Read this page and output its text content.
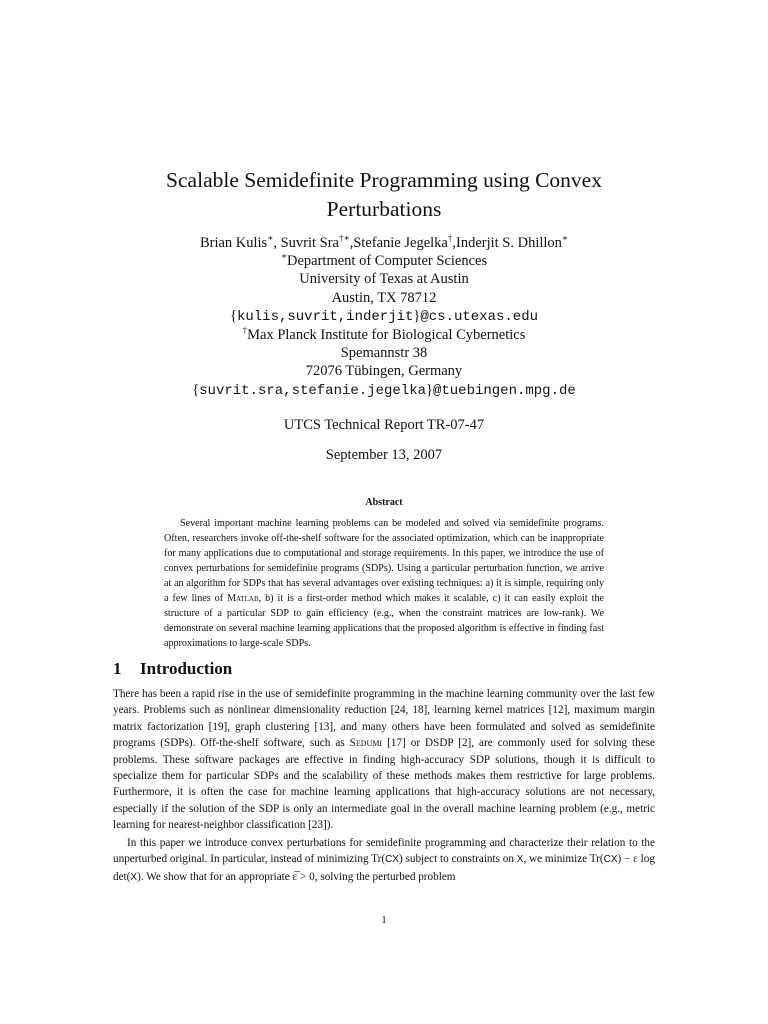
Scalable Semidefinite Programming using Convex
Perturbations
Brian Kulis∗, Suvrit Sra†∗,Stefanie Jegelka†,Inderjit S. Dhillon∗
∗Department of Computer Sciences
University of Texas at Austin
Austin, TX 78712
{kulis,suvrit,inderjit}@cs.utexas.edu
†Max Planck Institute for Biological Cybernetics
Spemannstr 38
72076 Tübingen, Germany
{suvrit.sra,stefanie.jegelka}@tuebingen.mpg.de
UTCS Technical Report TR-07-47
September 13, 2007
Abstract

Several important machine learning problems can be modeled and solved via semidefinite programs. Often, researchers invoke off-the-shelf software for the associated optimization, which can be inappropriate for many applications due to computational and storage requirements. In this paper, we introduce the use of convex perturbations for semidefinite programs (SDPs). Using a particular perturbation function, we arrive at an algorithm for SDPs that has several advantages over existing techniques: a) it is simple, requiring only a few lines of Matlab, b) it is a first-order method which makes it scalable, c) it can easily exploit the structure of a particular SDP to gain efficiency (e.g., when the constraint matrices are low-rank). We demonstrate on several machine learning applications that the proposed algorithm is effective in finding fast approximations to large-scale SDPs.

1 Introduction

There has been a rapid rise in the use of semidefinite programming in the machine learning community over the last few years. Problems such as nonlinear dimensionality reduction [24, 18], learning kernel matrices [12], maximum margin matrix factorization [19], graph clustering [13], and many others have been formulated and solved as semidefinite programs (SDPs). Off-the-shelf software, such as Sedumi [17] or DSDP [2], are commonly used for solving these problems. These software packages are effective in finding high-accuracy SDP solutions, though it is difficult to specialize them for particular SDPs and the scalability of these methods makes them restrictive for large problems. Furthermore, it is often the case for machine learning applications that high-accuracy solutions are not necessary, especially if the solution of the SDP is only an intermediate goal in the overall machine learning problem (e.g., metric learning for nearest-neighbor classification [23]).

In this paper we introduce convex perturbations for semidefinite programming and characterize their relation to the unperturbed original. In particular, instead of minimizing Tr(CX) subject to constraints on X, we minimize Tr(CX) − ε log det(X). We show that for an appropriate ε̅ > 0, solving the perturbed problem

1
